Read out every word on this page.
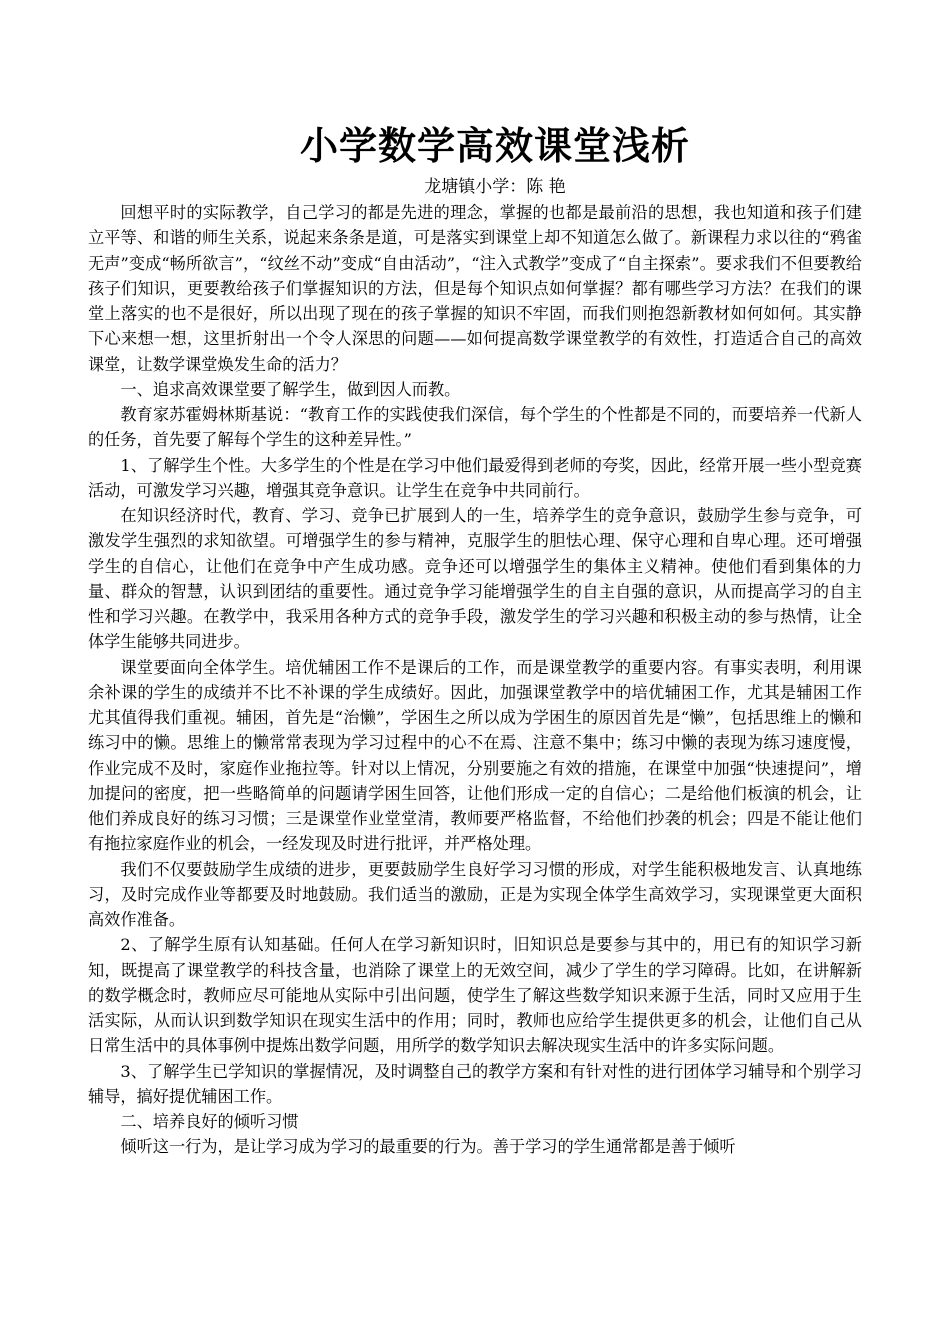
小学数学高效课堂浅析
龙塘镇小学：陈 艳

回想平时的实际教学，自己学习的都是先进的理念，掌握的也都是最前沿的思想，我也知道和孩子们建立平等、和谐的师生关系，说起来条条是道，可是落实到课堂上却不知道怎么做了。新课程力求以往的“鸦雀无声”变成“畅所欲言”，“纹丝不动”变成“自由活动”，“注入式教学”变成了“自主探索”。要求我们不但要教给孩子们知识，更要教给孩子们掌握知识的方法，但是每个知识点如何掌握？都有哪些学习方法？在我们的课堂上落实的也不是很好，所以出现了现在的孩子掌握的知识不牢固，而我们则抱怨新教材如何如何。其实静下心来想一想，这里折射出一个令人深思的问题——如何提高数学课堂教学的有效性，打造适合自己的高效课堂，让数学课堂焕发生命的活力？

一、追求高效课堂要了解学生，做到因人而教。

教育家苏霍姆林斯基说：“教育工作的实践使我们深信，每个学生的个性都是不同的，而要培养一代新人的任务，首先要了解每个学生的这种差异性。”

1、了解学生个性。大多学生的个性是在学习中他们最爱得到老师的夸奖，因此，经常开展一些小型竞赛活动，可激发学习兴趣，增强其竞争意识。让学生在竞争中共同前行。

在知识经济时代，教育、学习、竞争已扩展到人的一生，培养学生的竞争意识，鼓励学生参与竞争，可激发学生强烈的求知欲望。可增强学生的参与精神，克服学生的胆怯心理、保守心理和自卑心理。还可增强学生的自信心，让他们在竞争中产生成功感。竞争还可以增强学生的集体主义精神。使他们看到集体的力量、群众的智慧，认识到团结的重要性。通过竞争学习能增强学生的自主自强的意识，从而提高学习的自主性和学习兴趣。在教学中，我采用各种方式的竞争手段，激发学生的学习兴趣和积极主动的参与热情，让全体学生能够共同进步。

课堂要面向全体学生。培优辅困工作不是课后的工作，而是课堂教学的重要内容。有事实表明，利用课余补课的学生的成绩并不比不补课的学生成绩好。因此，加强课堂教学中的培优辅困工作，尤其是辅困工作尤其值得我们重视。辅困，首先是“治懒”，学困生之所以成为学困生的原因首先是“懒”，包括思维上的懒和练习中的懒。思维上的懒常常表现为学习过程中的心不在焉、注意不集中；练习中懒的表现为练习速度慢，作业完成不及时，家庭作业拖拉等。针对以上情况，分别要施之有效的措施，在课堂中加强“快速提问”，增加提问的密度，把一些略简单的问题请学困生回答，让他们形成一定的自信心；二是给他们板演的机会，让他们养成良好的练习习惯；三是课堂作业堂堂清，教师要严格监督，不给他们抄袭的机会；四是不能让他们有拖拉家庭作业的机会，一经发现及时进行批评，并严格处理。

我们不仅要鼓励学生成绩的进步，更要鼓励学生良好学习习惯的形成，对学生能积极地发言、认真地练习，及时完成作业等都要及时地鼓励。我们适当的激励，正是为实现全体学生高效学习，实现课堂更大面积高效作准备。

2、了解学生原有认知基础。任何人在学习新知识时，旧知识总是要参与其中的，用已有的知识学习新知，既提高了课堂教学的科技含量，也消除了课堂上的无效空间，减少了学生的学习障碍。比如，在讲解新的数学概念时，教师应尽可能地从实际中引出问题，使学生了解这些数学知识来源于生活，同时又应用于生活实际，从而认识到数学知识在现实生活中的作用；同时，教师也应给学生提供更多的机会，让他们自己从日常生活中的具体事例中提炼出数学问题，用所学的数学知识去解决现实生活中的许多实际问题。

3、了解学生已学知识的掌握情况，及时调整自己的教学方案和有针对性的进行团体学习辅导和个别学习辅导，搞好提优辅困工作。

二、培养良好的倾听习惯

倾听这一行为，是让学习成为学习的最重要的行为。善于学习的学生通常都是善于倾听
